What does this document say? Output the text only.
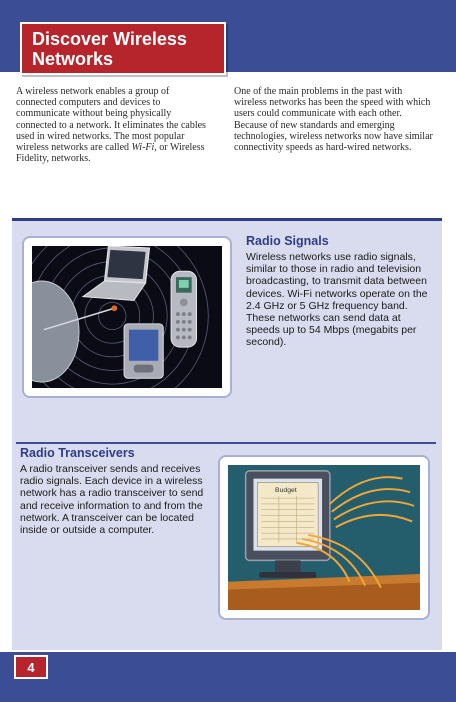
Discover Wireless
Networks
A wireless network enables a group of connected computers and devices to communicate without being physically connected to a network. It eliminates the cables used in wired networks. The most popular wireless networks are called Wi-Fi, or Wireless Fidelity, networks.
One of the main problems in the past with wireless networks has been the speed with which users could communicate with each other. Because of new standards and emerging technologies, wireless networks now have similar connectivity speeds as hard-wired networks.
Radio Signals
Wireless networks use radio signals, similar to those in radio and television broadcasting, to transmit data between devices. Wi-Fi networks operate on the 2.4 GHz or 5 GHz frequency band. These networks can send data at speeds up to 54 Mbps (megabits per second).
Radio Transceivers
A radio transceiver sends and receives radio signals. Each device in a wireless network has a radio transceiver to send and receive information to and from the network. A transceiver can be located inside or outside a computer.
Budget
4
